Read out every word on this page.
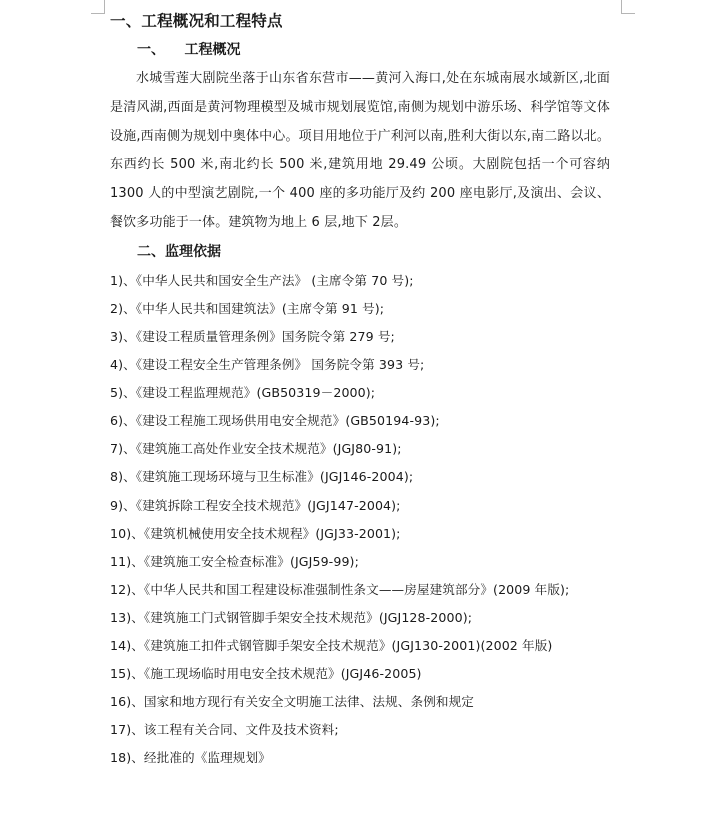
一、工程概况和工程特点
一、    工程概况

水城雪莲大剧院坐落于山东省东营市——黄河入海口,处在东城南展水域新区,北面是清风湖,西面是黄河物理模型及城市规划展览馆,南侧为规划中游乐场、科学馆等文体设施,西南侧为规划中奥体中心。项目用地位于广利河以南,胜利大街以东,南二路以北。东西约长 500 米,南北约长 500 米,建筑用地 29.49 公顷。大剧院包括一个可容纳 1300 人的中型演艺剧院,一个 400 座的多功能厅及约 200 座电影厅,及演出、会议、餐饮多功能于一体。建筑物为地上 6 层,地下 2层。

二、监理依据
1)、《中华人民共和国安全生产法》 (主席令第 70 号);
2)、《中华人民共和国建筑法》(主席令第 91 号);
3)、《建设工程质量管理条例》国务院令第 279 号;
4)、《建设工程安全生产管理条例》 国务院令第 393 号;
5)、《建设工程监理规范》(GB50319－2000);
6)、《建设工程施工现场供用电安全规范》(GB50194-93);
7)、《建筑施工高处作业安全技术规范》(JGJ80-91);
8)、《建筑施工现场环境与卫生标准》(JGJ146-2004);
9)、《建筑拆除工程安全技术规范》(JGJ147-2004);
10)、《建筑机械使用安全技术规程》(JGJ33-2001);
11)、《建筑施工安全检查标准》(JGJ59-99);
12)、《中华人民共和国工程建设标准强制性条文——房屋建筑部分》(2009 年版);
13)、《建筑施工门式钢管脚手架安全技术规范》(JGJ128-2000);
14)、《建筑施工扣件式钢管脚手架安全技术规范》(JGJ130-2001)(2002 年版)
15)、《施工现场临时用电安全技术规范》(JGJ46-2005)
16)、国家和地方现行有关安全文明施工法律、法规、条例和规定
17)、该工程有关合同、文件及技术资料;
18)、经批准的《监理规划》
